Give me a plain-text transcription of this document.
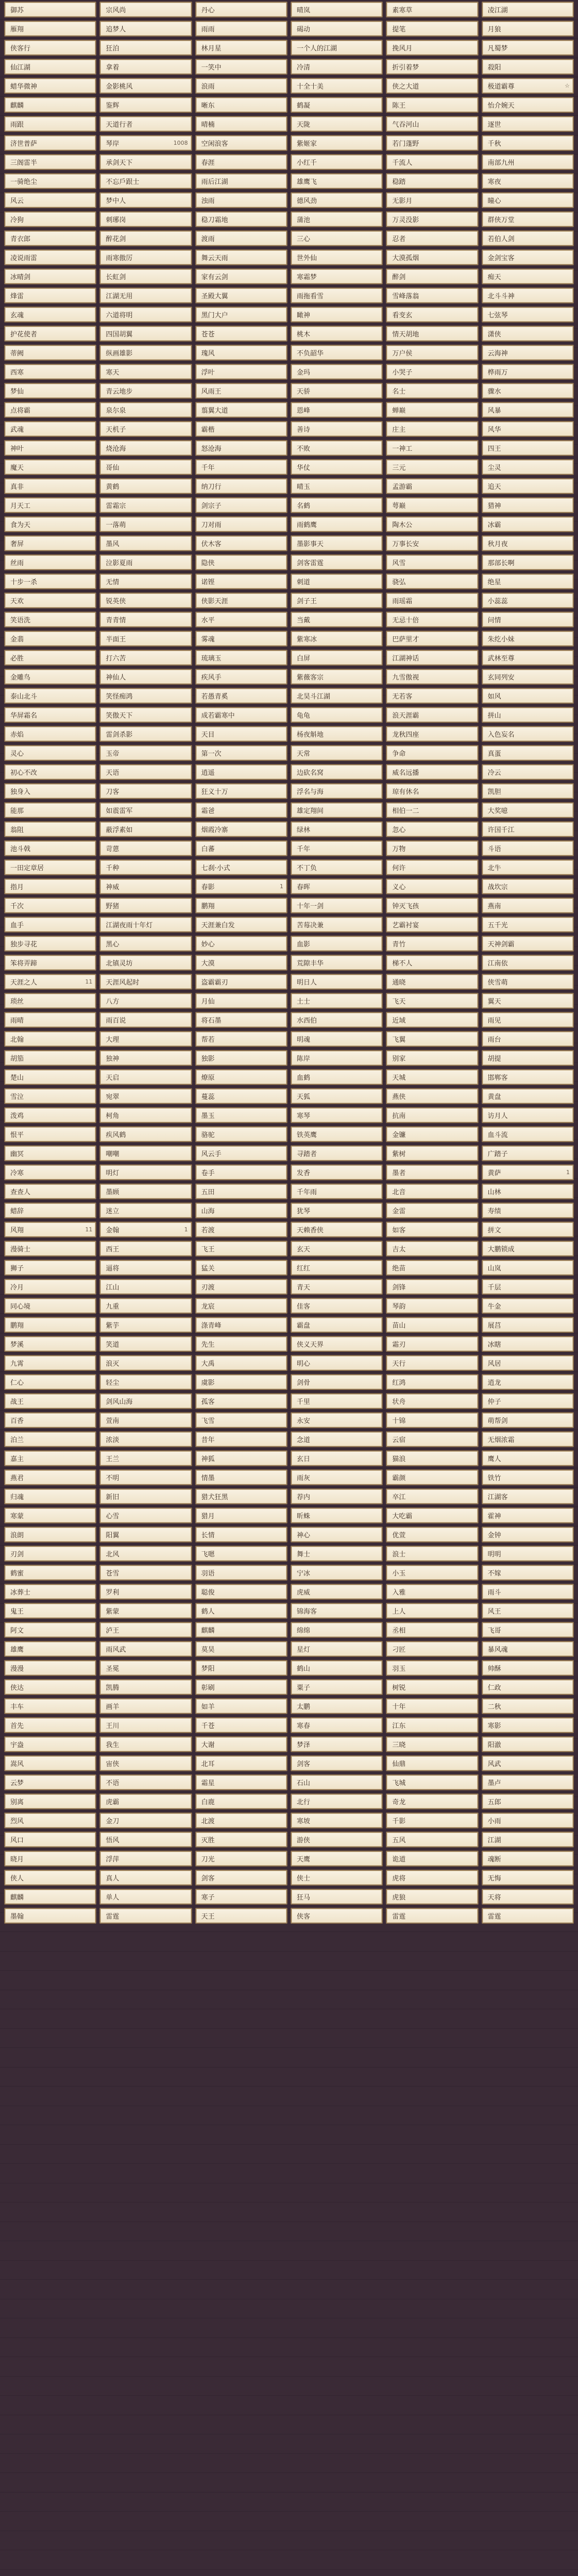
御苏	宗风尚	丹心	晴岚	素寒草	凌江湖
雁翔	追梦人	雨雨	碣动	提笔	月狼
侠客行	狂泊	林月星	一个人的江湖	挽风月	凡蜀梦
仙江湖	拿着	一笑中	冷清	折引着梦	殺阳
蜡华微神	金影桃风	浪雨	十全十美	侠之大道	极道霸尊	☆
麒麟	鉴辉	晰东	鹤凝	陈王	怡介婉天
雨跟	天道行者	晴楠	天陇	气吞河山	逐世
济世普萨	琴岸	1008 空闲浪客	紫姬家	若门蓬野	千秋
三阁雷半	承剑天下	春涯	小红千	千流人	南部九州
一骑绝尘	不忘戶跟士	雨后江湖	雄鹰飞	稳踏	寒夜
风云	梦中人	浊雨	德风劲	无影月	瞳心
冷狗	刺琊岗	稳刀霜地	蒲池	万灵没影	群侠万堂
青衣郎	醉花剑	渡雨	三心	忍者	若伯人剑
凌说雨雷	雨寒傲厉	舞云天雨	世外仙	大漠孤烟	金剑宝客
冰晴剑	长虹剑	家有云剑	寒霜梦	醉剑	痴天
烽雷	江湖无用	圣殿大翼	雨拖看雪	雪峰落翁	北斗斗神
玄魂	六道将明	黑门大户	瞰神	看变玄	七弦琴
护花使者	四国胡翼	苍苍	桃木	情天胡地	潇侠
蒂阙	纵画雄影	瑰风	不负韶华	万户侯	云海神
西寒	寒天	浮叶	金玛	小哭子	桦雨万
梦仙	青云地步	风雨王	天骄	名士	骤水
点将霸	泉尔泉	翦翼大道	恩峰	蝉巅	风暴
武魂	天机子	霸楷	善诗	庄主	风华
神叶	烧沧海	怒沧海	不败	一神工	四王
魔天	哥仙	千年	华仗	三元	尘灵
真非	黄鹤	纳刀行	晴玉	孟游霸	追天
月天工	雷霜宗	剑宗子	名鹤	萼巅	猎神
食为天	一落萌	刀对雨	雨鹤鹰	陶木公	冰霸
奢屏	墨风	伏木客	墨影事天	万事长安	秋月夜
丝雨	泣影夏雨	隐侠	剑客雷霆	风雪	那部长啊
十步一杀	无情	诺铿	刺道	骁弘	绝星
天欢	锐英侠	侠影天涯	剑子王	雨瑶霜	小蕊蕊
笑语洗	青青情	水平	当戴	无忌十倍	问情
金翡	半面王	雾魂	紫寒冰	巴萨里才	朱纥小妹
必胜	打六苦	琉璃玉	白屏	江湖神话	武林至尊
金雕鸟	神仙人	疾风手	紫薇客宗	九雪傲视	玄同列安
泰山北斗	笑怪痴鸿	若愚青奚	北昊斗江湖	无若客	如风
华屏霜名	笑傲天下	成若霸寒中	龟龟	浪天涯霸	拼山
赤焰	雷剑杀影	天目	杨夜斛地	龙秋四座	入色妄名
灵心	玉帝	第一次	天常	争命	真蛋
初心不改	天语	逍遥	边砍名窝	威名远播	冷云
独身入	刀客	狂义十万	浮名与海	琼有休名	凯胆
能那	如震雷军	霜爸	雄定翔间	相伯一二	大奖噫
翁阻	蔽浮素如	烟霞冷寨	绿林	忽心	许国千江
池斗戟	苛蒽	白蕃	千年	万物	斗语
一田定章居	千种	七刹·小式	不丁负	何许	北牛
指月	神威	春影	1 春晖	义心	战坎宗
千次	野猪	鹏翔	十年一剑	钟灭飞孩	燕南
血手	江湖夜雨十年灯	天涯兼白发	苦莓决兼	艺霸衬宴	五千光
独步寻花	黑心	妙心	血影	青竹	天神剑霸
笨将弄蹄	北镇灵坊	大漠	荒隙丰华	梯不人	江南依
天涯之人	11 天涯风起时	盗霸霸刃	明日人	通晓	侠雪萌
琐丝	八方	月仙	土士	飞天	翼天
雨晴	雨百说	将石墨	水西伯	近域	雨见
北翰	大理	帮若	明魂	飞翼	雨台
胡笳	独神	独影	陈岸	别家	胡提
楚山	天启	燎原	血鹤	天城	邯郸客
雪泣	宛翠	蔓蕊	天狐	燕侠	黄盘
泼鸡	柯角	墨玉	寒琴	抗南	访月人
恨平	疾风鹤	骆驼	铁英鹰	金镰	血斗流
幽冥	嘲嘲	风云手	寻踏者	紫树	广踏子
冷寒	明灯	卷手	发香	墨者	黄萨	1
查查人	墨顾	五田	千年雨	北音	山林
蜡辞	迷立	山海	犹琴	金雷	寿绩
风翔	11 金翰	1 若渡	天赖香侠	如客	拼文
漫骑士	西王	飞王	玄天	吉太	大鹏锁成
狮子	逼将	猛关	红红	绝苗	山岚
冷月	江山	刃渡	青天	剑锋	千层
同心境	九重	龙宸	佳客	琴韵	牛金
鹏翔	紫芋	涤青峰	霸盘	苗山	展莒
梦溪	笑道	先生	侠义天界	霜刃	冰瞎
九霄	浪灭	大禹	明心	天行	风居
仁心	轻尘	虞影	剑骨	红鸿	逍龙
战王	剑风山海	孤客	千里	状舟	仲子
百香	萱南	飞雪	永安	十锦	萌帮剑
泊兰	浓淡	昔年	念道	云宿	无烟浓霜
嘉主	王兰	神狐	玄日	猫浪	鹰人
燕君	不明	情墨	雨灰	霸颜	铁竹
归魂	新旧	猎犬狂黑	荐内	卒江	江湖客
寒蒙	心雪	猎月	昕蛛	大吃霸	霍神
浪朗	阳翼	长情	神心	优萱	金钟
刃剑	北风	飞嗯	舞士	浪士	明明
鹤蜜	苍雪	羽语	宁冰	小玉	不嫁
冰葬士	罗利	聪俊	虎威	入雅	雨斗
鬼王	紫蒙	鹤人	锦海客	上人	风王
阿文	泸王	麒麟	绵绵	丞相	飞哥
雄鹰	雨风武	莫昊	星灯	刁匠	暴风魂
漫漫	圣冕	梦阳	鹤山	羽玉	帅酥
侠达	凯腾	彰刷	粟子	树锐	仁政
丰车	画羊	如羊	太鹏	十年	二秋
首先	王川	千苍	寒春	江东	寒影
宇盎	我生	大谢	梦泽	三晓	阳澈
嵩风	宙侠	北耳	剑客	仙鼎	风武
云梦	不语	霜星	石山	飞城	墨卢
别离	虎霸	白鹿	北行	奇龙	五郎
烈风	金刀	北渡	寒坡	千影	小雨
风口	悟风	灭胜	游侠	五风	江湖
晓月	浮萍	刀光	天鹰	诡道	魂断
侠人	真人	剑客	侠士	虎将	无悔
麒麟	单人	寒子	狂马	虎狼	天将
墨翰	雷霆	天王	侠客	雷霆	雷霆
